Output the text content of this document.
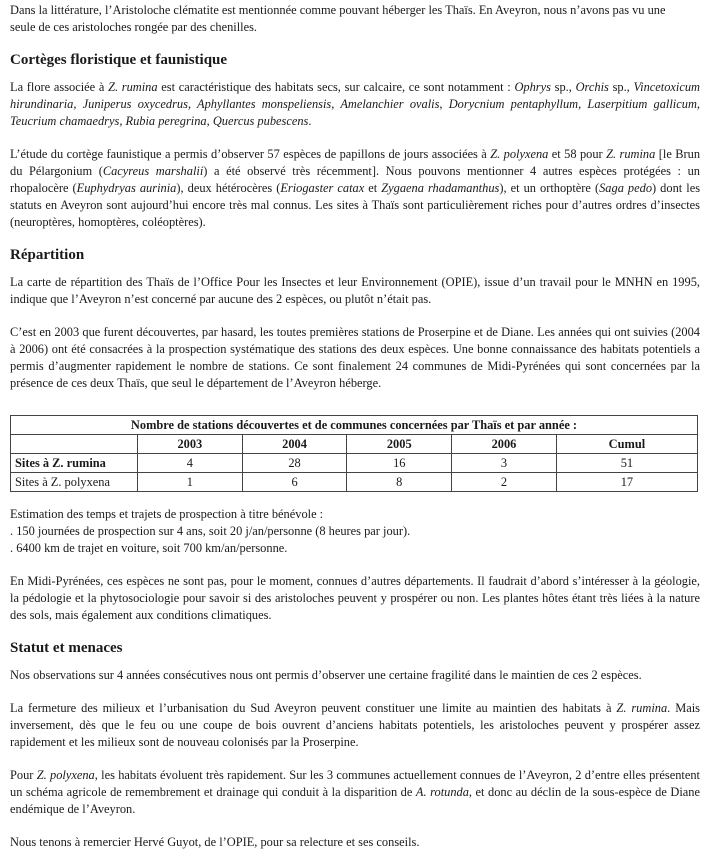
Dans la littérature, l’Aristoloche clématite est mentionnée comme pouvant héberger les Thaïs. En Aveyron, nous n’avons pas vu une
seule de ces aristoloches rongée par des chenilles.

Cortèges floristique et faunistique

La flore associée à Z. rumina est caractéristique des habitats secs, sur calcaire, ce sont notamment : Ophrys sp., Orchis sp., Vincetoxicum hirundinaria, Juniperus oxycedrus, Aphyllantes monspeliensis, Amelanchier ovalis, Dorycnium pentaphyllum, Laserpitium gallicum, Teucrium chamaedrys, Rubia peregrina, Quercus pubescens.

L’étude du cortège faunistique a permis d’observer 57 espèces de papillons de jours associées à Z. polyxena et 58 pour Z. rumina [le Brun du Pélargonium (Cacyreus marshalii) a été observé très récemment]. Nous pouvons mentionner 4 autres espèces protégées : un rhopalocère (Euphydryas aurinia), deux hétérocères (Eriogaster catax et Zygaena rhadamanthus), et un orthoptère (Saga pedo) dont les statuts en Aveyron sont aujourd’hui encore très mal connus. Les sites à Thaïs sont particulièrement riches pour d’autres ordres d’insectes (neuroptères, homoptères, coléoptères).

Répartition

La carte de répartition des Thaïs de l’Office Pour les Insectes et leur Environnement (OPIE), issue d’un travail pour le MNHN en 1995, indique que l’Aveyron n’est concerné par aucune des 2 espèces, ou plutôt n’était pas.

C’est en 2003 que furent découvertes, par hasard, les toutes premières stations de Proserpine et de Diane. Les années qui ont suivies (2004 à 2006) ont été consacrées à la prospection systématique des stations des deux espèces. Une bonne connaissance des habitats potentiels a permis d’augmenter rapidement le nombre de stations. Ce sont finalement 24 communes de Midi-Pyrénées qui sont concernées par la présence de ces deux Thaïs, que seul le département de l’Aveyron héberge.

Nombre de stations découvertes et de communes concernées par Thaïs et par année :					
	2003	2004	2005	2006	Cumul
Sites à Z. rumina	4	28	16	3	51
Sites à Z. polyxena	1	6	8	2	17

Estimation des temps et trajets de prospection à titre bénévole :

. 150 journées de prospection sur 4 ans, soit 20 j/an/personne (8 heures par jour).

. 6400 km de trajet en voiture, soit 700 km/an/personne.

En Midi-Pyrénées, ces espèces ne sont pas, pour le moment, connues d’autres départements. Il faudrait d’abord s’intéresser à la géologie, la pédologie et la phytosociologie pour savoir si des aristoloches peuvent y prospérer ou non. Les plantes hôtes étant très liées à la nature des sols, mais également aux conditions climatiques.

Statut et menaces

Nos observations sur 4 années consécutives nous ont permis d’observer une certaine fragilité dans le maintien de ces 2 espèces.

La fermeture des milieux et l’urbanisation du Sud Aveyron peuvent constituer une limite au maintien des habitats à Z. rumina. Mais inversement, dès que le feu ou une coupe de bois ouvrent d’anciens habitats potentiels, les aristoloches peuvent y prospérer assez rapidement et les milieux sont de nouveau colonisés par la Proserpine.

Pour Z. polyxena, les habitats évoluent très rapidement. Sur les 3 communes actuellement connues de l’Aveyron, 2 d’entre elles présentent un schéma agricole de remembrement et drainage qui conduit à la disparition de A. rotunda, et donc au déclin de la sous-espèce de Diane endémique de l’Aveyron.

Nous tenons à remercier Hervé Guyot, de l’OPIE, pour sa relecture et ses conseils.
